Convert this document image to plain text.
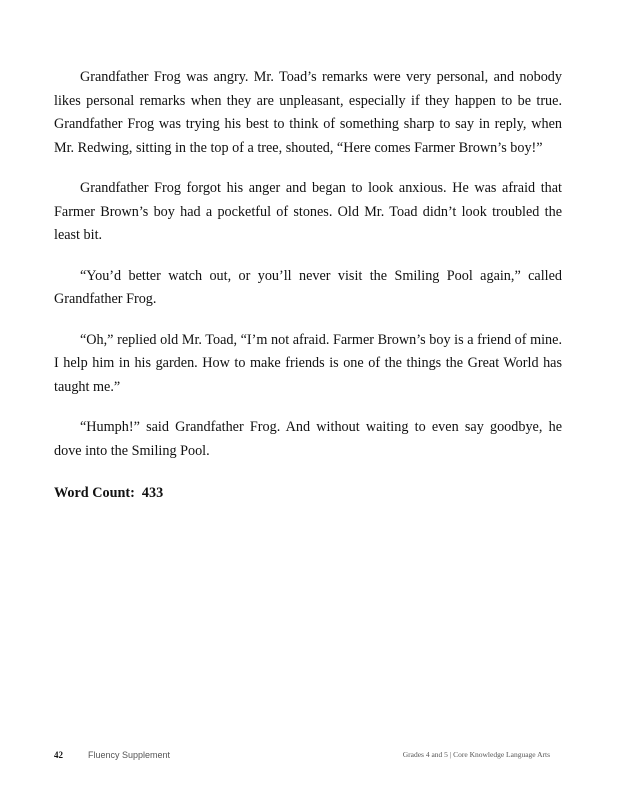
Grandfather Frog was angry. Mr. Toad’s remarks were very personal, and nobody likes personal remarks when they are unpleasant, especially if they happen to be true. Grandfather Frog was trying his best to think of something sharp to say in reply, when Mr. Redwing, sitting in the top of a tree, shouted, “Here comes Farmer Brown’s boy!”

Grandfather Frog forgot his anger and began to look anxious. He was afraid that Farmer Brown’s boy had a pocketful of stones. Old Mr. Toad didn’t look troubled the least bit.

“You’d better watch out, or you’ll never visit the Smiling Pool again,” called Grandfather Frog.

“Oh,” replied old Mr. Toad, “I’m not afraid. Farmer Brown’s boy is a friend of mine. I help him in his garden. How to make friends is one of the things the Great World has taught me.”

“Humph!” said Grandfather Frog. And without waiting to even say goodbye, he dove into the Smiling Pool.

Word Count: 433
42	Fluency Supplement	Grades 4 and 5 | Core Knowledge Language Arts
